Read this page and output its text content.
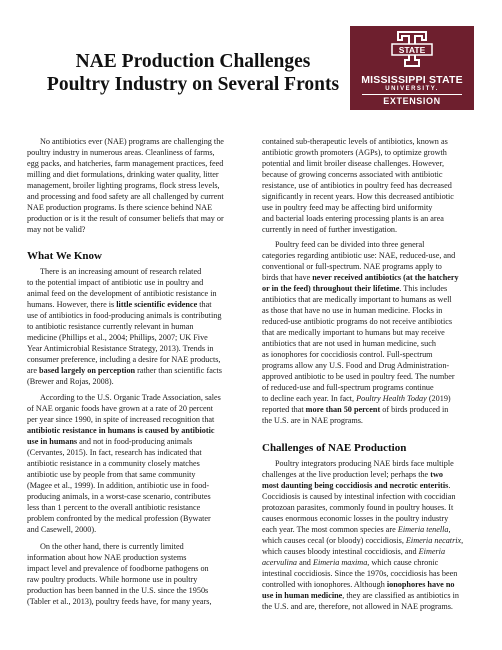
NAE Production Challenges
Poultry Industry on Several Fronts
STATE
MISSISSIPPI STATE
UNIVERSITY.
EXTENSION
No antibiotics ever (NAE) programs are challenging the
poultry industry in numerous areas. Cleanliness of farms,
egg packs, and hatcheries, farm management practices, feed
milling and diet formulations, drinking water quality, litter
management, broiler lighting programs, flock stress levels,
and processing and food safety are all challenged by current
NAE production programs. Is there science behind NAE
production or is it the result of consumer beliefs that may or
may not be valid?
What We Know
There is an increasing amount of research related
to the potential impact of antibiotic use in poultry and
animal feed on the development of antibiotic resistance in
humans. However, there is little scientific evidence that
use of antibiotics in food-producing animals is contributing
to antibiotic resistance currently relevant in human
medicine (Phillips et al., 2004; Phillips, 2007; UK Five
Year Antimicrobial Resistance Strategy, 2013). Trends in
consumer preference, including a desire for NAE products,
are based largely on perception rather than scientific facts
(Brewer and Rojas, 2008).
According to the U.S. Organic Trade Association, sales
of NAE organic foods have grown at a rate of 20 percent
per year since 1990, in spite of increased recognition that
antibiotic resistance in humans is caused by antibiotic
use in humans and not in food-producing animals
(Cervantes, 2015). In fact, research has indicated that
antibiotic resistance in a community closely matches
antibiotic use by people from that same community
(Magee et al., 1999). In addition, antibiotic use in food-
producing animals, in a worst-case scenario, contributes
less than 1 percent to the overall antibiotic resistance
problem confronted by the medical profession (Bywater
and Casewell, 2000).
On the other hand, there is currently limited
information about how NAE production systems
impact level and prevalence of foodborne pathogens on
raw poultry products. While hormone use in poultry
production has been banned in the U.S. since the 1950s
(Tabler et al., 2013), poultry feeds have, for many years,
contained sub-therapeutic levels of antibiotics, known as
antibiotic growth promoters (AGPs), to optimize growth
potential and limit broiler disease challenges. However,
because of growing concerns associated with antibiotic
resistance, use of antibiotics in poultry feed has decreased
significantly in recent years. How this decreased antibiotic
use in poultry feed may be affecting bird uniformity
and bacterial loads entering processing plants is an area
currently in need of further investigation.
Poultry feed can be divided into three general
categories regarding antibiotic use: NAE, reduced-use, and
conventional or full-spectrum. NAE programs apply to
birds that have never received antibiotics (at the hatchery
or in the feed) throughout their lifetime. This includes
antibiotics that are medically important to humans as well
as those that have no use in human medicine. Flocks in
reduced-use antibiotic programs do not receive antibiotics
that are medically important to humans but may receive
antibiotics that are not used in human medicine, such
as ionophores for coccidiosis control. Full-spectrum
programs allow any U.S. Food and Drug Administration-
approved antibiotic to be used in poultry feed. The number
of reduced-use and full-spectrum programs continue
to decline each year. In fact, Poultry Health Today (2019)
reported that more than 50 percent of birds produced in
the U.S. are in NAE programs.
Challenges of NAE Production
Poultry integrators producing NAE birds face multiple
challenges at the live production level; perhaps the two
most daunting being coccidiosis and necrotic enteritis.
Coccidiosis is caused by intestinal infection with coccidian
protozoan parasites, commonly found in poultry houses. It
causes enormous economic losses in the poultry industry
each year. The most common species are Eimeria tenella,
which causes cecal (or bloody) coccidiosis, Eimeria necatrix,
which causes bloody intestinal coccidiosis, and Eimeria
acervulina and Eimeria maxima, which cause chronic
intestinal coccidiosis. Since the 1970s, coccidiosis has been
controlled with ionophores. Although ionophores have no
use in human medicine, they are classified as antibiotics in
the U.S. and are, therefore, not allowed in NAE programs.
